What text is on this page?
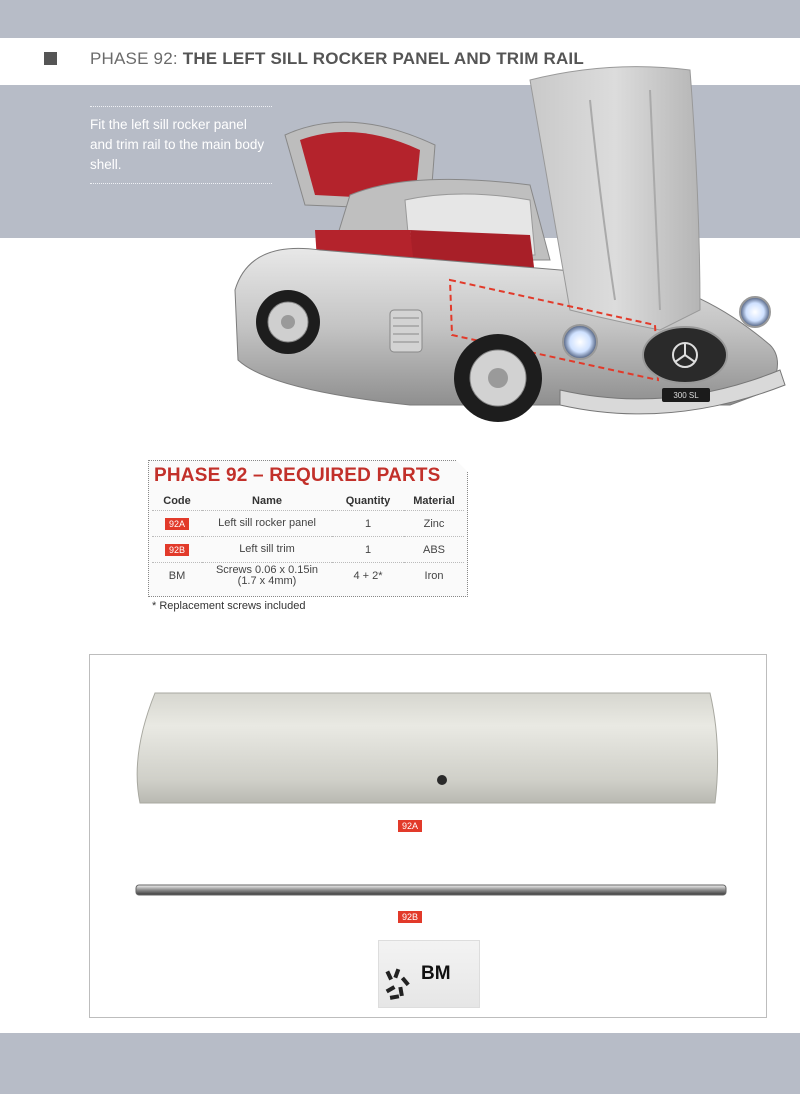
PHASE 92: THE LEFT SILL ROCKER PANEL AND TRIM RAIL

Fit the left sill rocker panel and trim rail to the main body shell.

300 SL
PHASE 92 – REQUIRED PARTS
Code	Name	Quantity	Material
92A	Left sill rocker panel	1	Zinc
92B	Left sill trim	1	ABS
BM	Screws 0.06 x 0.15in (1.7 x 4mm)	4 + 2*	Iron
* Replacement screws included
92A
92B
BM
